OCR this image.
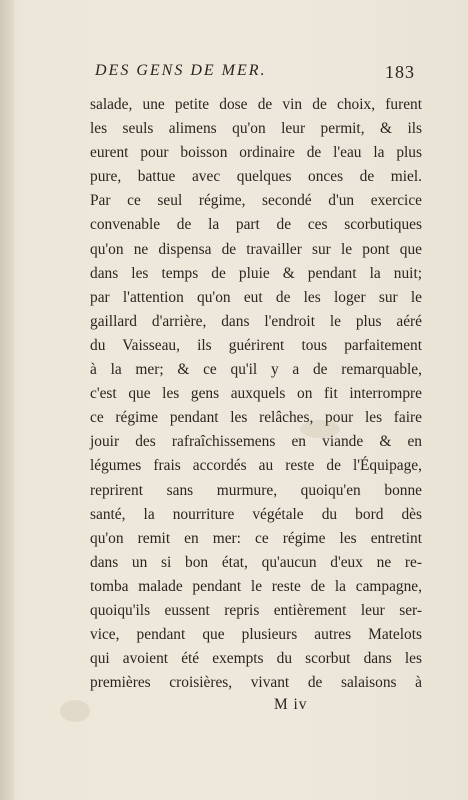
DES GENS DE MER.	183
salade, une petite dose de vin de choix, furent
les seuls alimens qu'on leur permit, & ils
eurent pour boisson ordinaire de l'eau la plus
pure, battue avec quelques onces de miel.
Par ce seul régime, secondé d'un exercice
convenable de la part de ces scorbutiques
qu'on ne dispensa de travailler sur le pont que
dans les temps de pluie & pendant la nuit;
par l'attention qu'on eut de les loger sur le
gaillard d'arrière, dans l'endroit le plus aéré
du Vaisseau, ils guérirent tous parfaitement
à la mer; & ce qu'il y a de remarquable,
c'est que les gens auxquels on fit interrompre
ce régime pendant les relâches, pour les faire
jouir des rafraîchissemens en viande & en
légumes frais accordés au reste de l'Équipage,
reprirent sans murmure, quoiqu'en bonne
santé, la nourriture végétale du bord dès
qu'on remit en mer: ce régime les entretint
dans un si bon état, qu'aucun d'eux ne re-
tomba malade pendant le reste de la campagne,
quoiqu'ils eussent repris entièrement leur ser-
vice, pendant que plusieurs autres Matelots
qui avoient été exempts du scorbut dans les
premières croisières, vivant de salaisons à
M iv
